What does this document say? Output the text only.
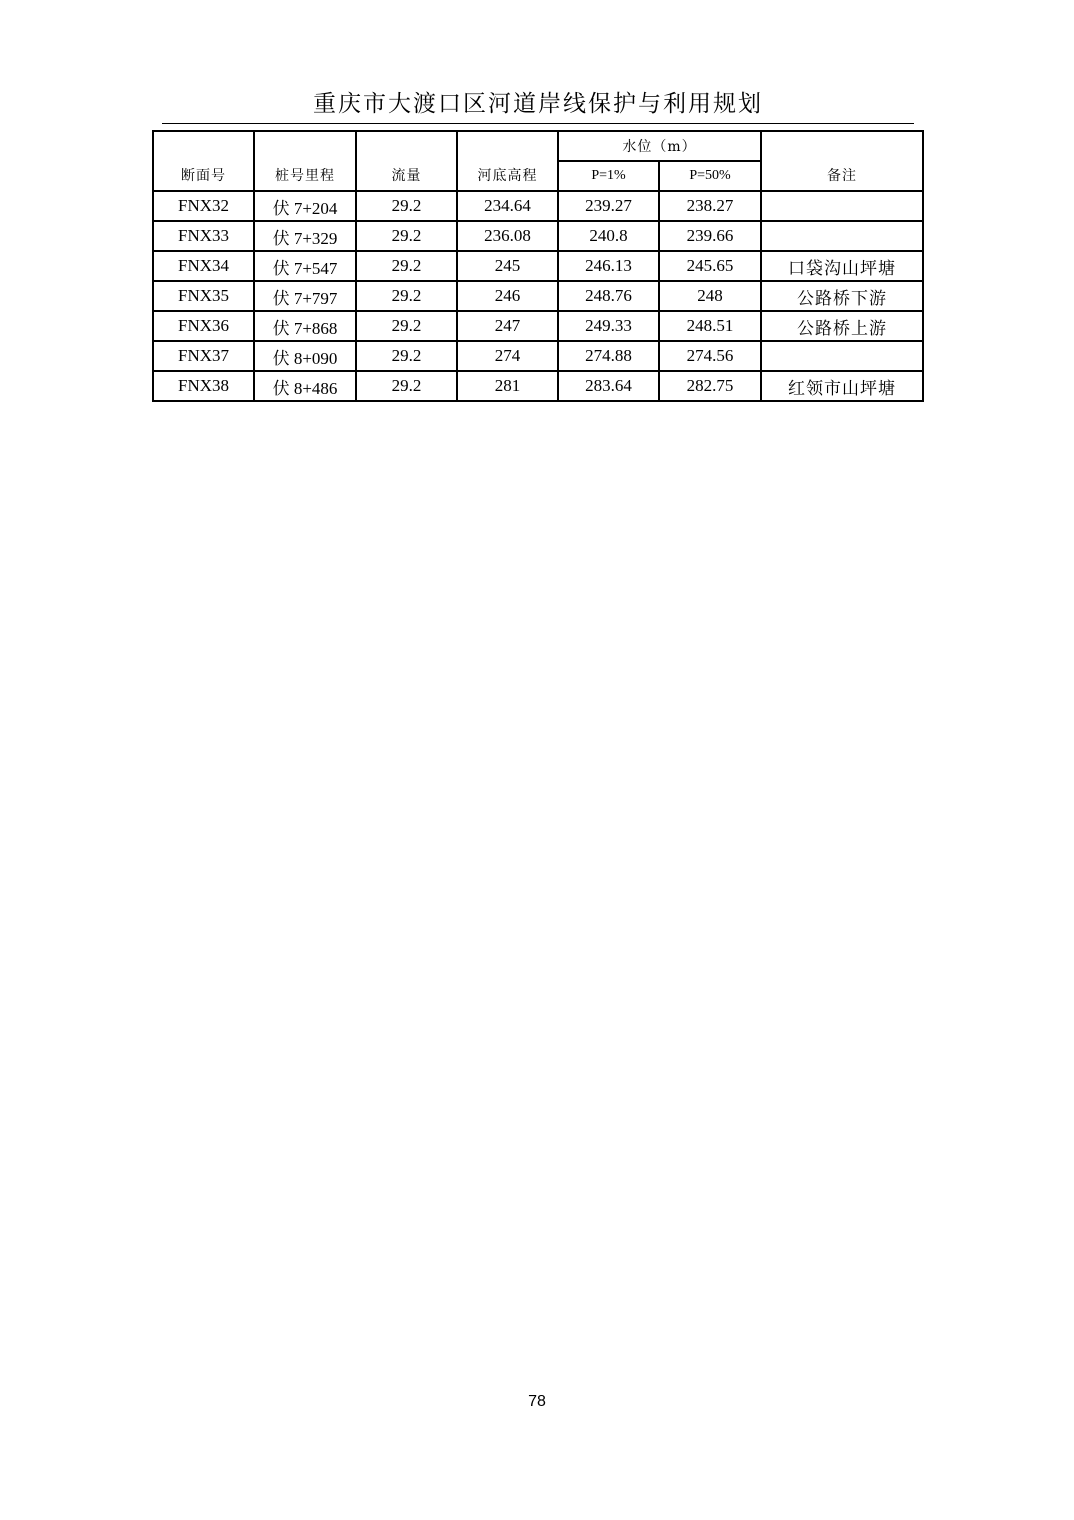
重庆市大渡口区河道岸线保护与利用规划
断面号	桩号里程	流量	河底高程	水位（m）		备注
				P=1%	P=50%	
FNX32	伏 7+204	29.2	234.64	239.27	238.27	
FNX33	伏 7+329	29.2	236.08	240.8	239.66	
FNX34	伏 7+547	29.2	245	246.13	245.65	口袋沟山坪塘
FNX35	伏 7+797	29.2	246	248.76	248	公路桥下游
FNX36	伏 7+868	29.2	247	249.33	248.51	公路桥上游
FNX37	伏 8+090	29.2	274	274.88	274.56	
FNX38	伏 8+486	29.2	281	283.64	282.75	红领市山坪塘
78
